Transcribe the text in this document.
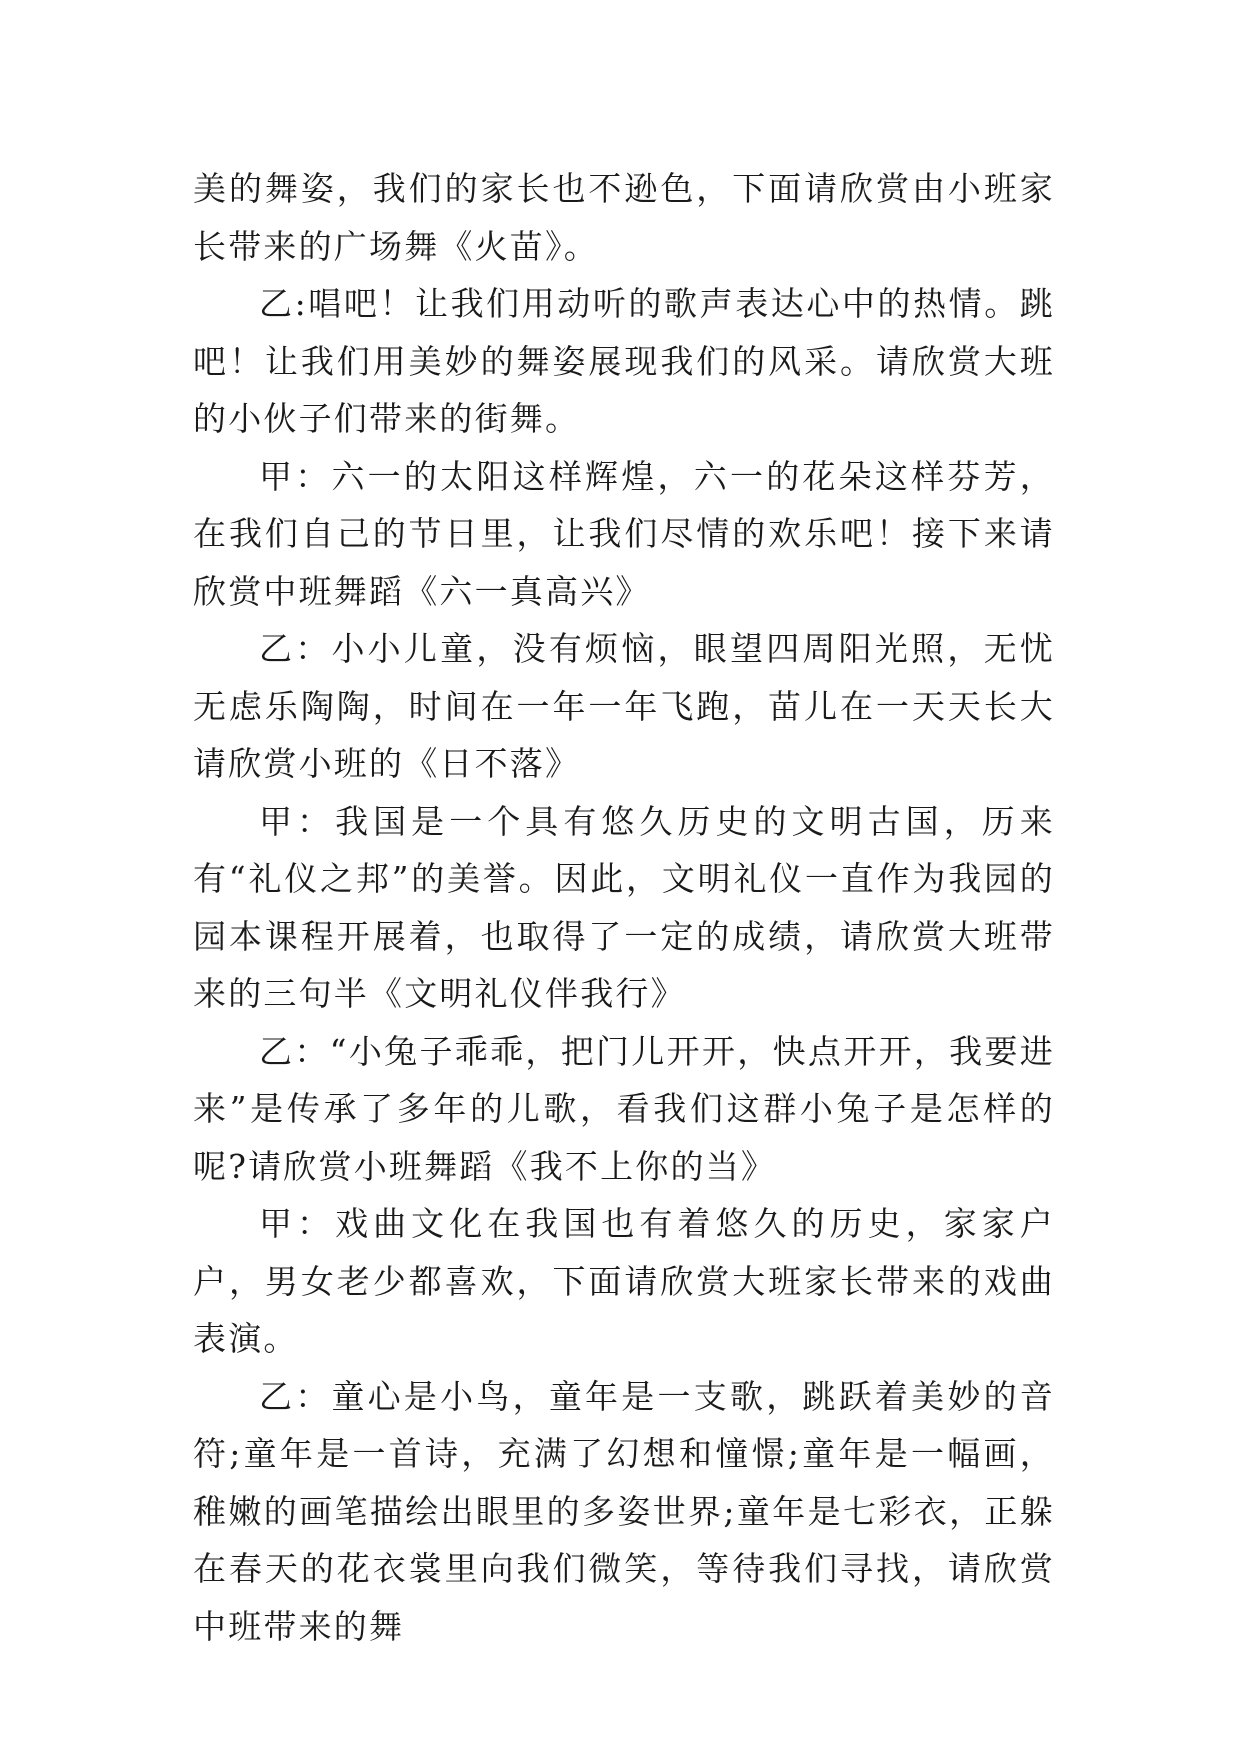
美的舞姿，我们的家长也不逊色，下面请欣赏由小班家长带来的广场舞《火苗》。

乙:唱吧！让我们用动听的歌声表达心中的热情。跳吧！让我们用美妙的舞姿展现我们的风采。请欣赏大班的小伙子们带来的街舞。

甲：六一的太阳这样辉煌，六一的花朵这样芬芳，在我们自己的节日里，让我们尽情的欢乐吧！接下来请欣赏中班舞蹈《六一真高兴》

乙：小小儿童，没有烦恼，眼望四周阳光照，无忧无虑乐陶陶，时间在一年一年飞跑，苗儿在一天天长大请欣赏小班的《日不落》

甲：我国是一个具有悠久历史的文明古国，历来有“礼仪之邦”的美誉。因此，文明礼仪一直作为我园的园本课程开展着，也取得了一定的成绩，请欣赏大班带来的三句半《文明礼仪伴我行》

乙：“小兔子乖乖，把门儿开开，快点开开，我要进来”是传承了多年的儿歌，看我们这群小兔子是怎样的呢?请欣赏小班舞蹈《我不上你的当》

甲：戏曲文化在我国也有着悠久的历史，家家户户，男女老少都喜欢，下面请欣赏大班家长带来的戏曲表演。

乙：童心是小鸟，童年是一支歌，跳跃着美妙的音符;童年是一首诗，充满了幻想和憧憬;童年是一幅画，稚嫩的画笔描绘出眼里的多姿世界;童年是七彩衣，正躲在春天的花衣裳里向我们微笑，等待我们寻找，请欣赏中班带来的舞
